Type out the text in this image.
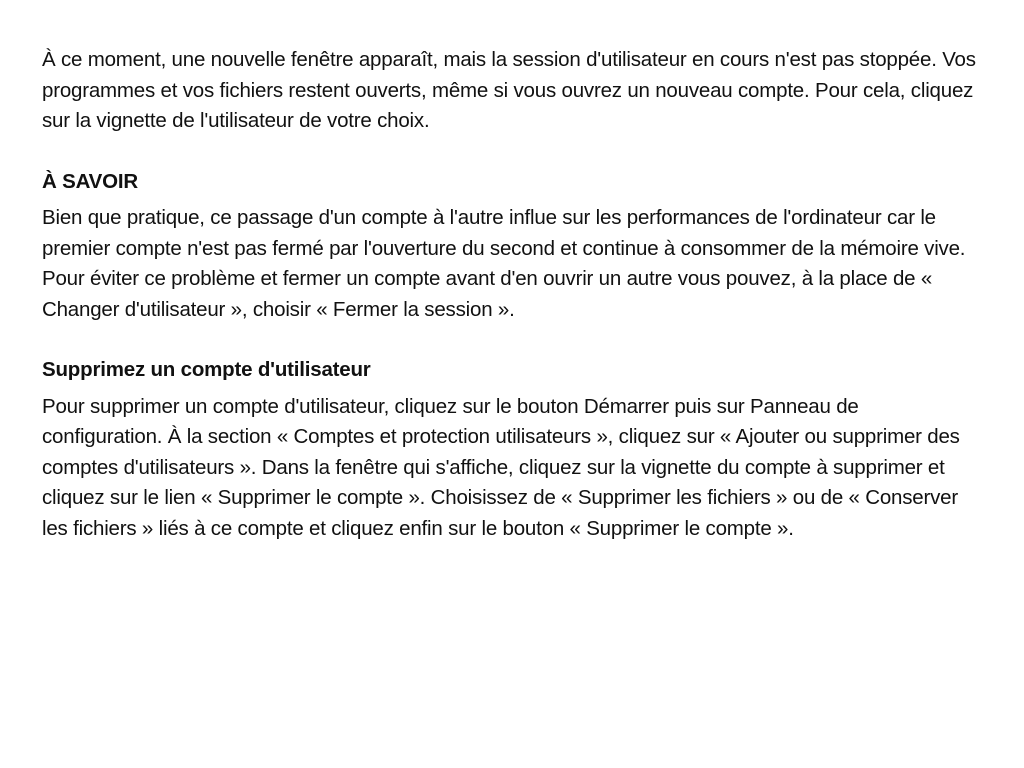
À ce moment, une nouvelle fenêtre apparaît, mais la session d'utilisateur en cours n'est pas stoppée. Vos programmes et vos fichiers restent ouverts, même si vous ouvrez un nouveau compte. Pour cela, cliquez sur la vignette de l'utilisateur de votre choix.

À SAVOIR

Bien que pratique, ce passage d'un compte à l'autre influe sur les performances de l'ordinateur car le premier compte n'est pas fermé par l'ouverture du second et continue à consommer de la mémoire vive. Pour éviter ce problème et fermer un compte avant d'en ouvrir un autre vous pouvez, à la place de « Changer d'utilisateur », choisir « Fermer la session ».

Supprimez un compte d'utilisateur

Pour supprimer un compte d'utilisateur, cliquez sur le bouton Démarrer puis sur Panneau de configuration. À la section « Comptes et protection utilisateurs », cliquez sur « Ajouter ou supprimer des comptes d'utilisateurs ». Dans la fenêtre qui s'affiche, cliquez sur la vignette du compte à supprimer et cliquez sur le lien « Supprimer le compte ». Choisissez de « Supprimer les fichiers » ou de « Conserver les fichiers » liés à ce compte et cliquez enfin sur le bouton « Supprimer le compte ».
